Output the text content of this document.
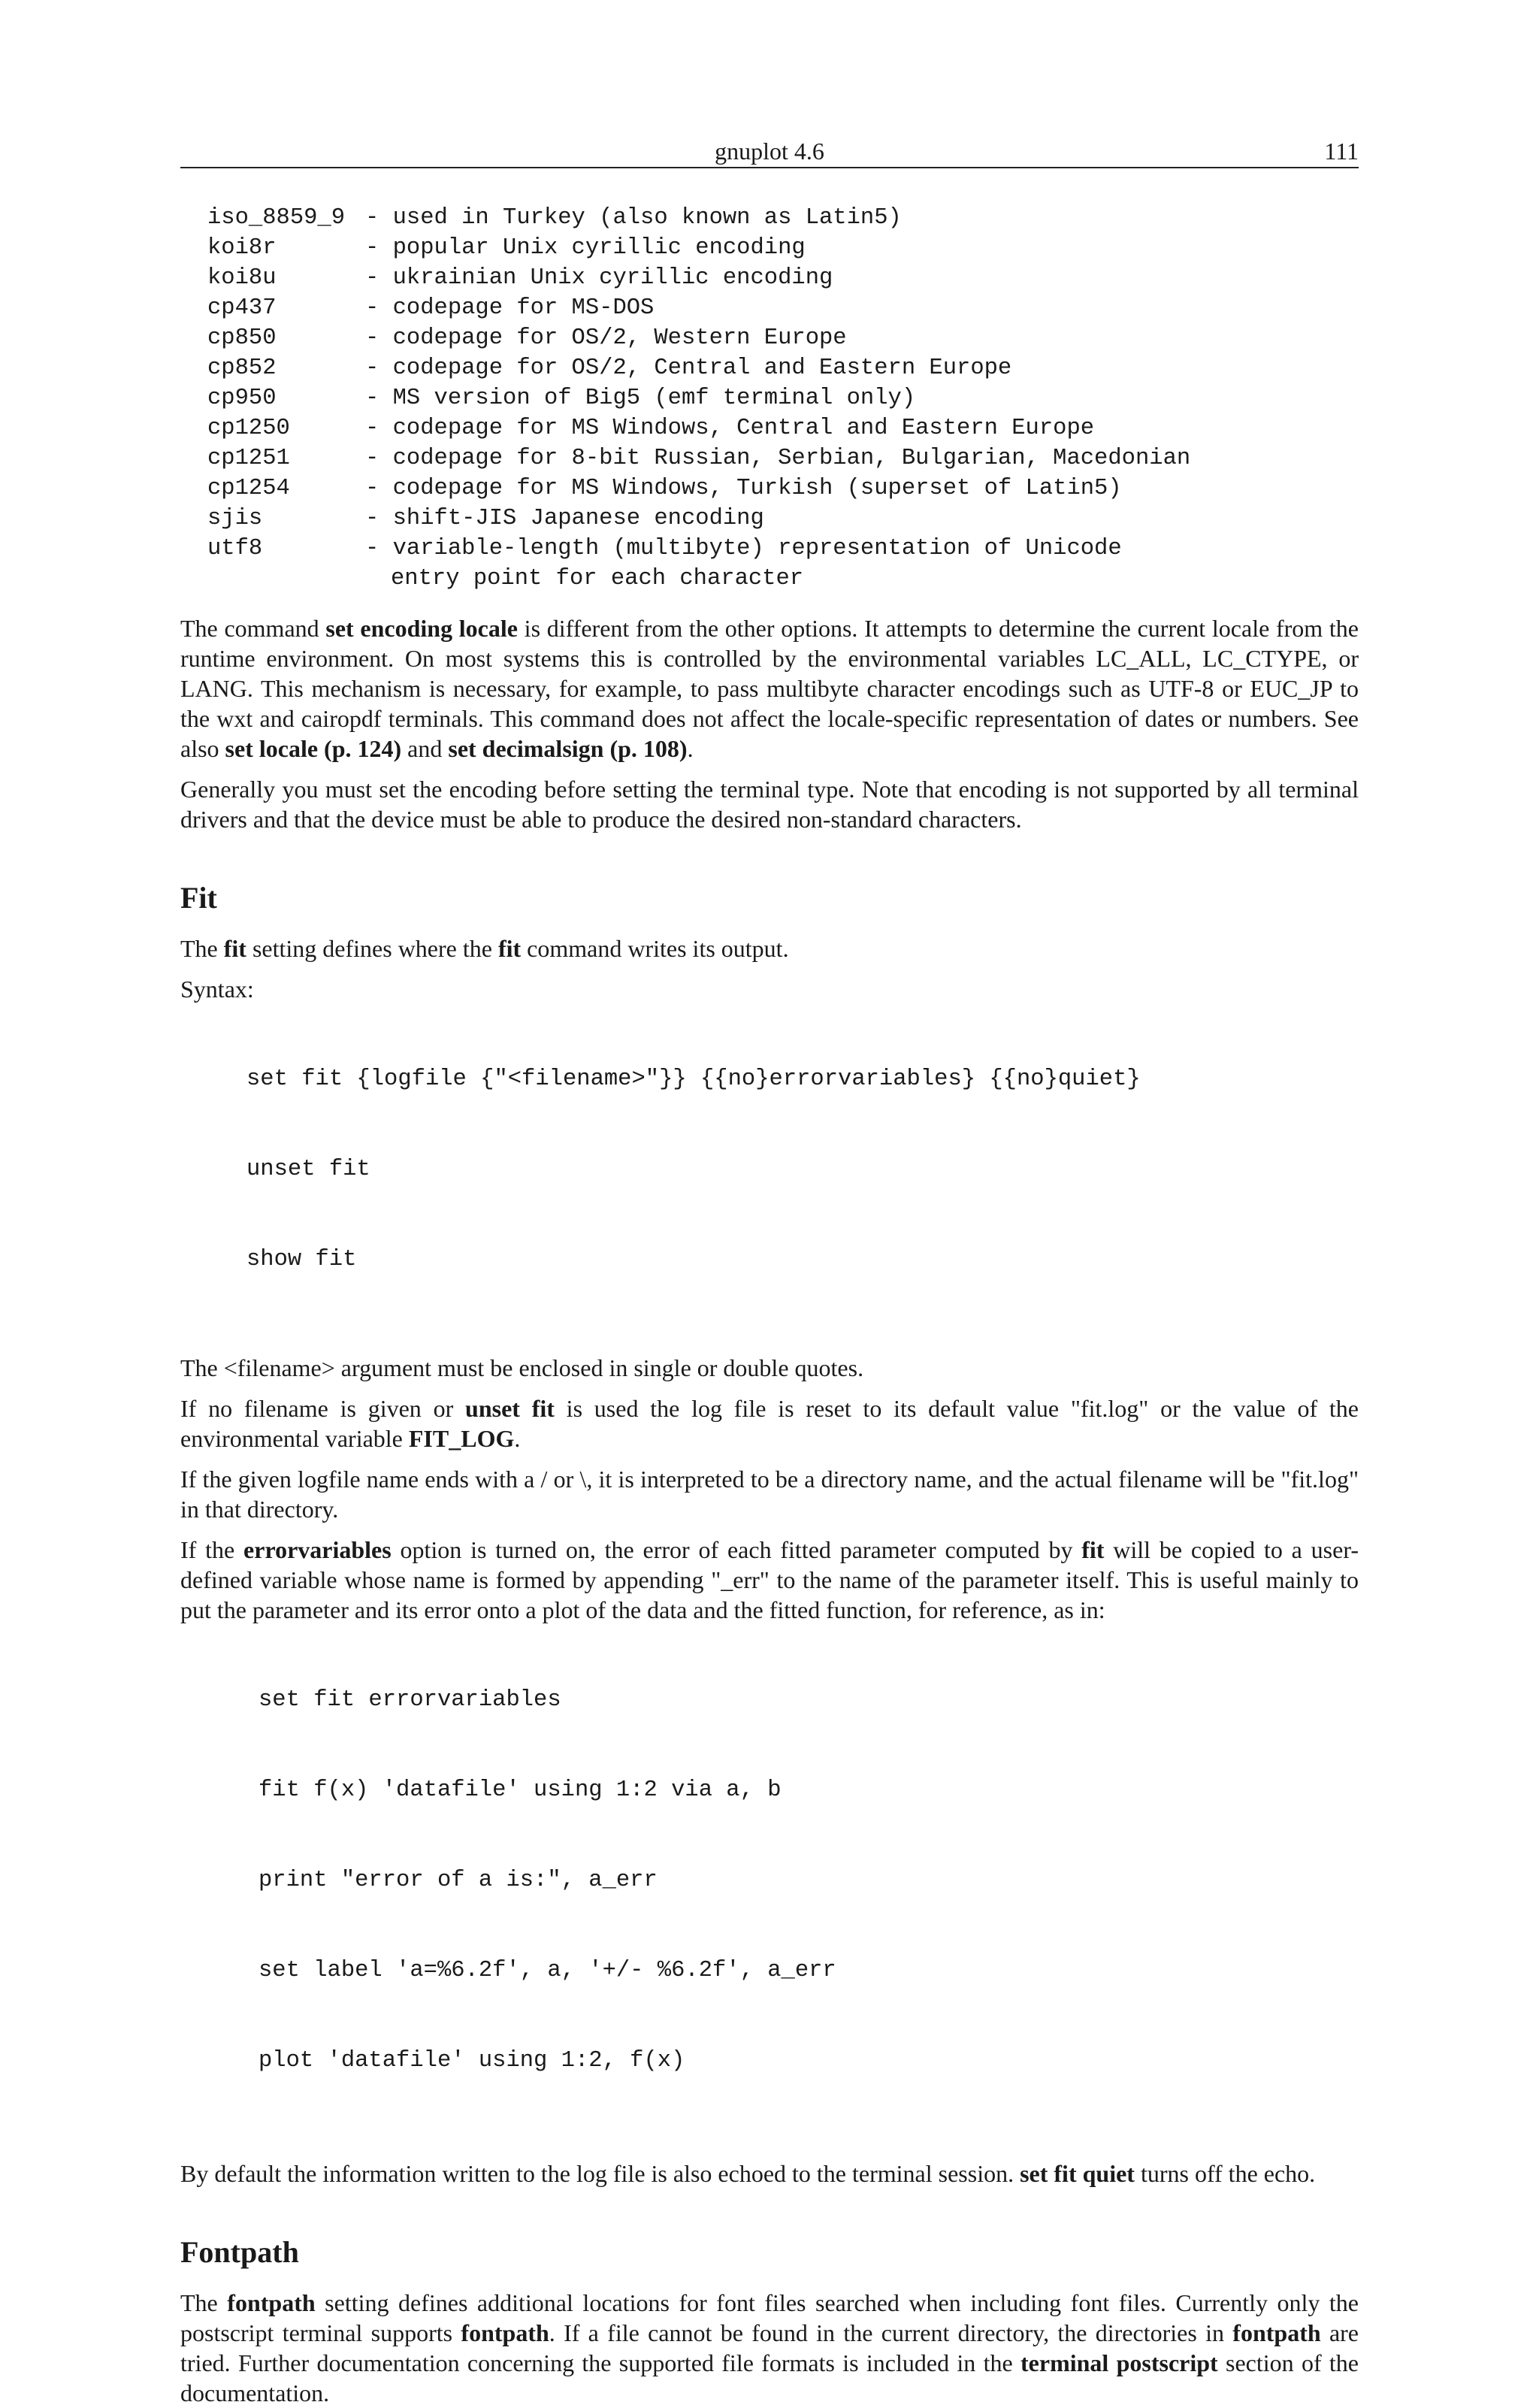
gnuplot 4.6	111
iso_8859_9 - used in Turkey (also known as Latin5)
koi8r	- popular Unix cyrillic encoding
koi8u	- ukrainian Unix cyrillic encoding
cp437	- codepage for MS-DOS
cp850	- codepage for OS/2, Western Europe
cp852	- codepage for OS/2, Central and Eastern Europe
cp950	- MS version of Big5 (emf terminal only)
cp1250	- codepage for MS Windows, Central and Eastern Europe
cp1251	- codepage for 8-bit Russian, Serbian, Bulgarian, Macedonian
cp1254	- codepage for MS Windows, Turkish (superset of Latin5)
sjis	- shift-JIS Japanese encoding
utf8	- variable-length (multibyte) representation of Unicode
entry point for each character

The command set encoding locale is different from the other options. It attempts to determine the current locale from the runtime environment. On most systems this is controlled by the environmental variables LC_ALL, LC_CTYPE, or LANG. This mechanism is necessary, for example, to pass multibyte character encodings such as UTF-8 or EUC_JP to the wxt and cairopdf terminals. This command does not affect the locale-specific representation of dates or numbers. See also set locale (p. 124) and set decimalsign (p. 108).

Generally you must set the encoding before setting the terminal type. Note that encoding is not supported by all terminal drivers and that the device must be able to produce the desired non-standard characters.

Fit

The fit setting defines where the fit command writes its output.

Syntax:

set fit {logfile {"<filename>"}} {{no}errorvariables} {{no}quiet}

unset fit

show fit

The <filename> argument must be enclosed in single or double quotes.

If no filename is given or unset fit is used the log file is reset to its default value "fit.log" or the value of the environmental variable FIT_LOG.

If the given logfile name ends with a / or \, it is interpreted to be a directory name, and the actual filename will be "fit.log" in that directory.

If the errorvariables option is turned on, the error of each fitted parameter computed by fit will be copied to a user-defined variable whose name is formed by appending "_err" to the name of the parameter itself. This is useful mainly to put the parameter and its error onto a plot of the data and the fitted function, for reference, as in:

set fit errorvariables

fit f(x) 'datafile' using 1:2 via a, b

print "error of a is:", a_err

set label 'a=%6.2f', a, '+/- %6.2f', a_err

plot 'datafile' using 1:2, f(x)

By default the information written to the log file is also echoed to the terminal session. set fit quiet turns off the echo.

Fontpath

The fontpath setting defines additional locations for font files searched when including font files. Currently only the postscript terminal supports fontpath. If a file cannot be found in the current directory, the directories in fontpath are tried. Further documentation concerning the supported file formats is included in the terminal postscript section of the documentation.
